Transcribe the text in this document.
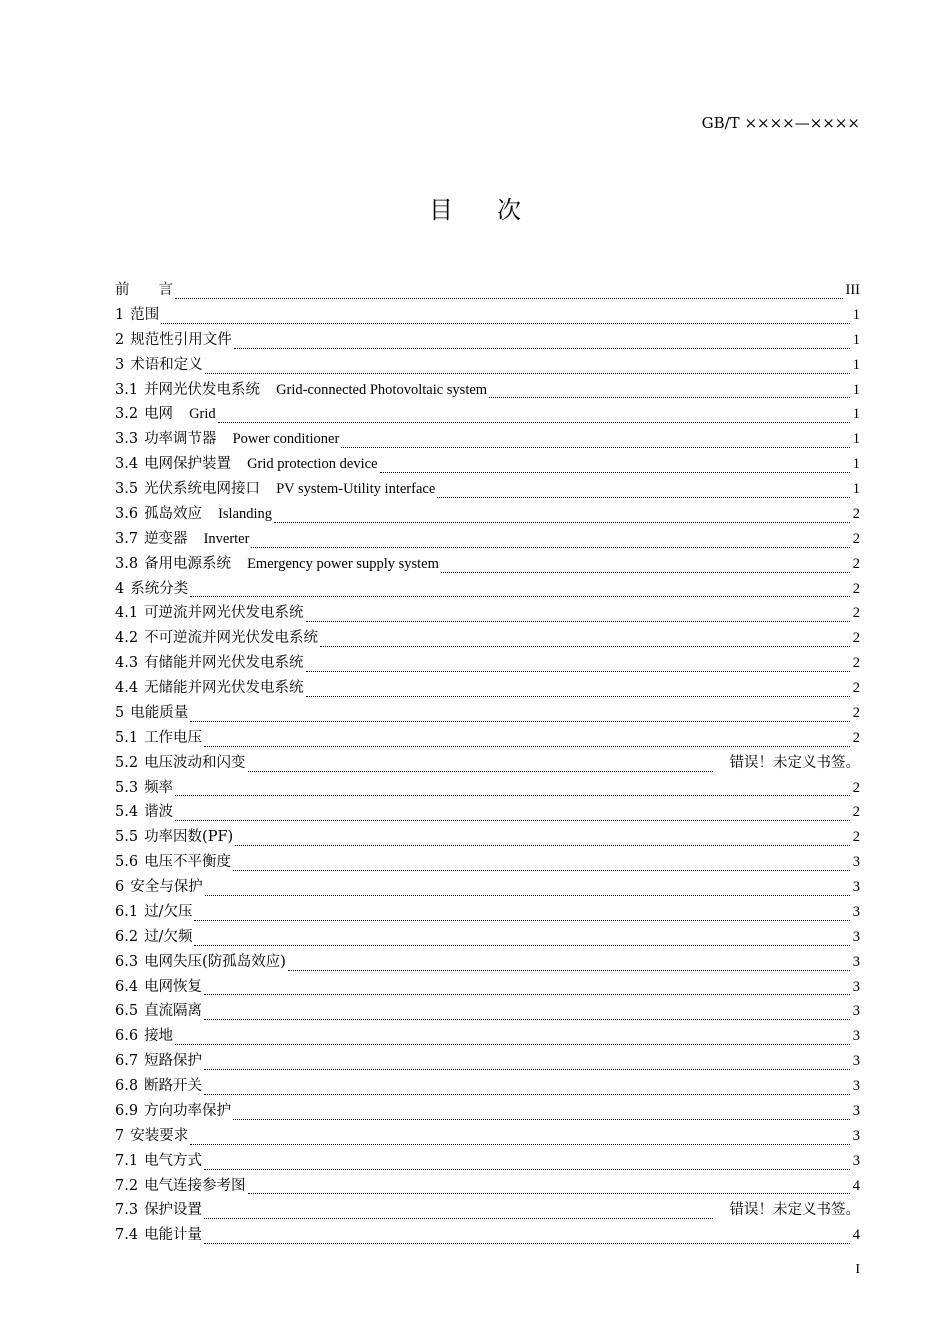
GB/T ××××—××××
目次
前　　言	III
1 范围	1
2 规范性引用文件	1
3 术语和定义	1
3.1 并网光伏发电系统 Grid-connected Photovoltaic system	1
3.2 电网 Grid	1
3.3 功率调节器 Power conditioner	1
3.4 电网保护装置 Grid protection device	1
3.5 光伏系统电网接口 PV system-Utility interface	1
3.6 孤岛效应 Islanding	2
3.7 逆变器 Inverter	2
3.8 备用电源系统 Emergency power supply system	2
4 系统分类	2
4.1 可逆流并网光伏发电系统	2
4.2 不可逆流并网光伏发电系统	2
4.3 有储能并网光伏发电系统	2
4.4 无储能并网光伏发电系统	2
5 电能质量	2
5.1 工作电压	2
5.2 电压波动和闪变	错误！未定义书签。
5.3 频率	2
5.4 谐波	2
5.5 功率因数(PF)	2
5.6 电压不平衡度	3
6 安全与保护	3
6.1 过/欠压	3
6.2 过/欠频	3
6.3 电网失压(防孤岛效应)	3
6.4 电网恢复	3
6.5 直流隔离	3
6.6 接地	3
6.7 短路保护	3
6.8 断路开关	3
6.9 方向功率保护	3
7 安装要求	3
7.1 电气方式	3
7.2 电气连接参考图	4
7.3 保护设置	错误！未定义书签。
7.4 电能计量	4
I
